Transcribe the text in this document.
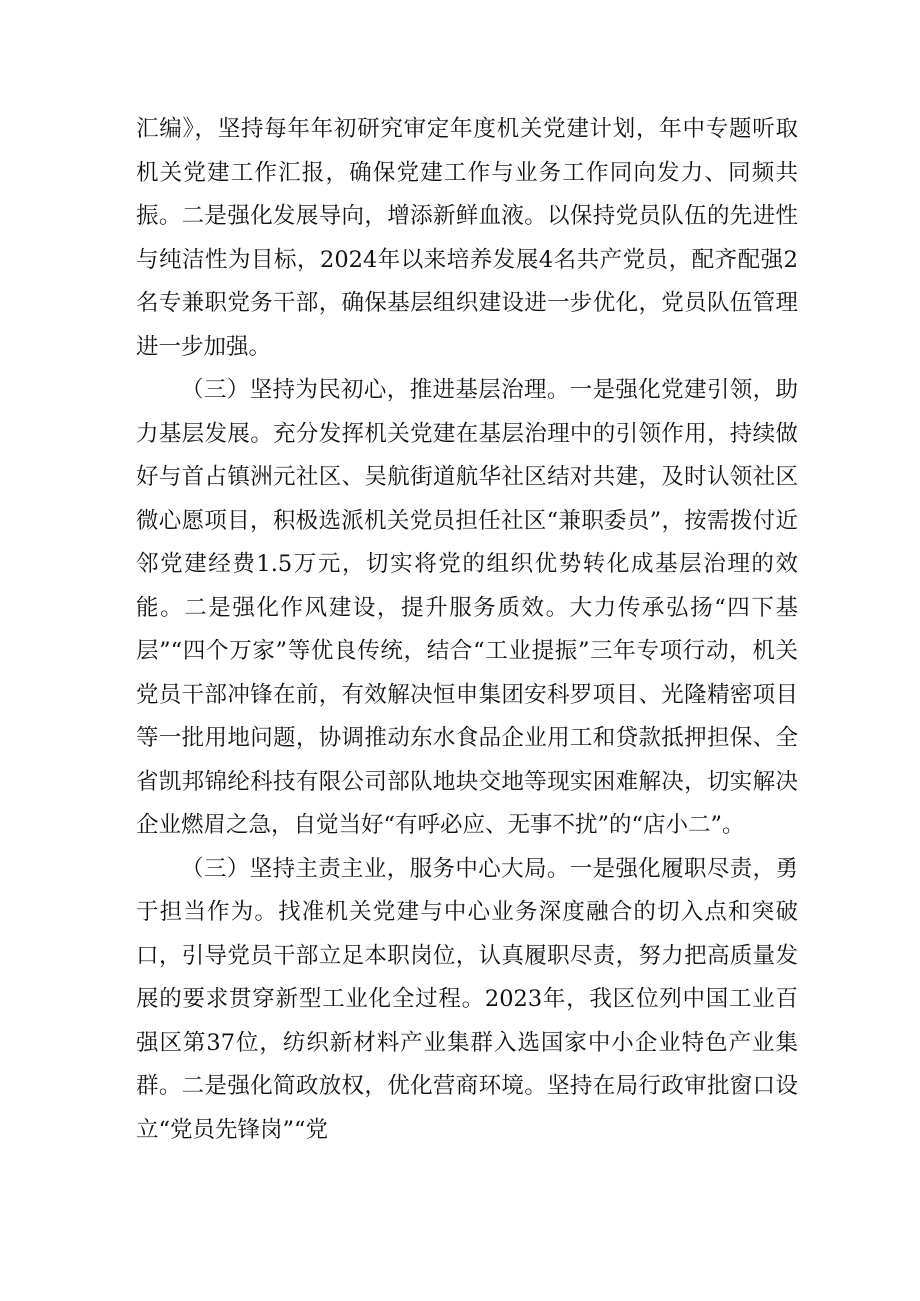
汇编》，坚持每年年初研究审定年度机关党建计划，年中专题听取机关党建工作汇报，确保党建工作与业务工作同向发力、同频共振。二是强化发展导向，增添新鲜血液。以保持党员队伍的先进性与纯洁性为目标，2024年以来培养发展4名共产党员，配齐配强2名专兼职党务干部，确保基层组织建设进一步优化，党员队伍管理进一步加强。

（三）坚持为民初心，推进基层治理。一是强化党建引领，助力基层发展。充分发挥机关党建在基层治理中的引领作用，持续做好与首占镇洲元社区、吴航街道航华社区结对共建，及时认领社区微心愿项目，积极选派机关党员担任社区“兼职委员”，按需拨付近邻党建经费1.5万元，切实将党的组织优势转化成基层治理的效能。二是强化作风建设，提升服务质效。大力传承弘扬“四下基层”“四个万家”等优良传统，结合“工业提振”三年专项行动，机关党员干部冲锋在前，有效解决恒申集团安科罗项目、光隆精密项目等一批用地问题，协调推动东水食品企业用工和贷款抵押担保、全省凯邦锦纶科技有限公司部队地块交地等现实困难解决，切实解决企业燃眉之急，自觉当好“有呼必应、无事不扰”的“店小二”。

（三）坚持主责主业，服务中心大局。一是强化履职尽责，勇于担当作为。找准机关党建与中心业务深度融合的切入点和突破口，引导党员干部立足本职岗位，认真履职尽责，努力把高质量发展的要求贯穿新型工业化全过程。2023年，我区位列中国工业百强区第37位，纺织新材料产业集群入选国家中小企业特色产业集群。二是强化简政放权，优化营商环境。坚持在局行政审批窗口设立“党员先锋岗”“党
